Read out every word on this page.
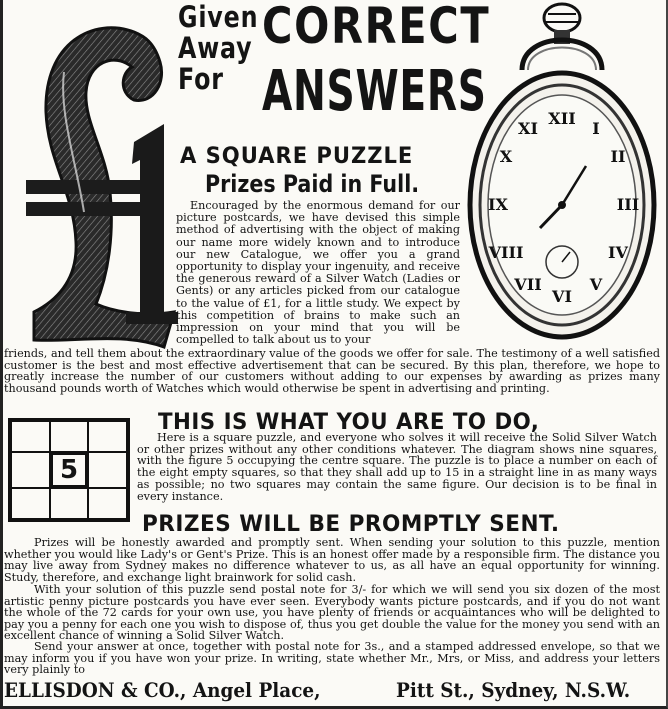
Given
Away
For
CORRECT
ANSWERS	XII
I
II
III
IV
V
VI
VII
VIII
IX
X
XI
A SQUARE PUZZLE
Prizes Paid in Full.
Encouraged by the enormous demand for our picture postcards, we have devised this simple method of advertising with the object of making our name more widely known and to introduce our new Catalogue, we offer you a grand opportunity to display your ingenuity, and receive the generous reward of a Silver Watch (Ladies or Gents) or any articles picked from our catalogue to the value of £1, for a little study. We expect by this competition of brains to make such an impression on your mind that you will be compelled to talk about us to your
friends, and tell them about the extraordinary value of the goods we offer for sale. The testimony of a well satisfied customer is the best and most effective advertisement that can be secured. By this plan, therefore, we hope to greatly increase the number of our customers without adding to our expenses by awarding as prizes many thousand pounds worth of Watches which would otherwise be spent in advertising and printing.
5
THIS IS WHAT YOU ARE TO DO,
Here is a square puzzle, and everyone who solves it will receive the Solid Silver Watch or other prizes without any other conditions whatever. The diagram shows nine squares, with the figure 5 occupying the centre square. The puzzle is to place a number on each of the eight empty squares, so that they shall add up to 15 in a straight line in as many ways as possible; no two squares may contain the same figure. Our decision is to be final in every instance.
PRIZES WILL BE PROMPTLY SENT.
Prizes will be honestly awarded and promptly sent. When sending your solution to this puzzle, mention whether you would like Lady's or Gent's Prize. This is an honest offer made by a responsible firm. The distance you may live away from Sydney makes no difference whatever to us, as all have an equal opportunity for winning. Study, therefore, and exchange light brainwork for solid cash.
With your solution of this puzzle send postal note for 3/- for which we will send you six dozen of the most artistic penny picture postcards you have ever seen. Everybody wants picture postcards, and if you do not want the whole of the 72 cards for your own use, you have plenty of friends or acquaintances who will be delighted to pay you a penny for each one you wish to dispose of, thus you get double the value for the money you send with an excellent chance of winning a Solid Silver Watch.
Send your answer at once, together with postal note for 3s., and a stamped addressed envelope, so that we may inform you if you have won your prize. In writing, state whether Mr., Mrs, or Miss, and address your letters very plainly to
ELLISDON & CO., Angel Place,	Pitt St., Sydney, N.S.W.
